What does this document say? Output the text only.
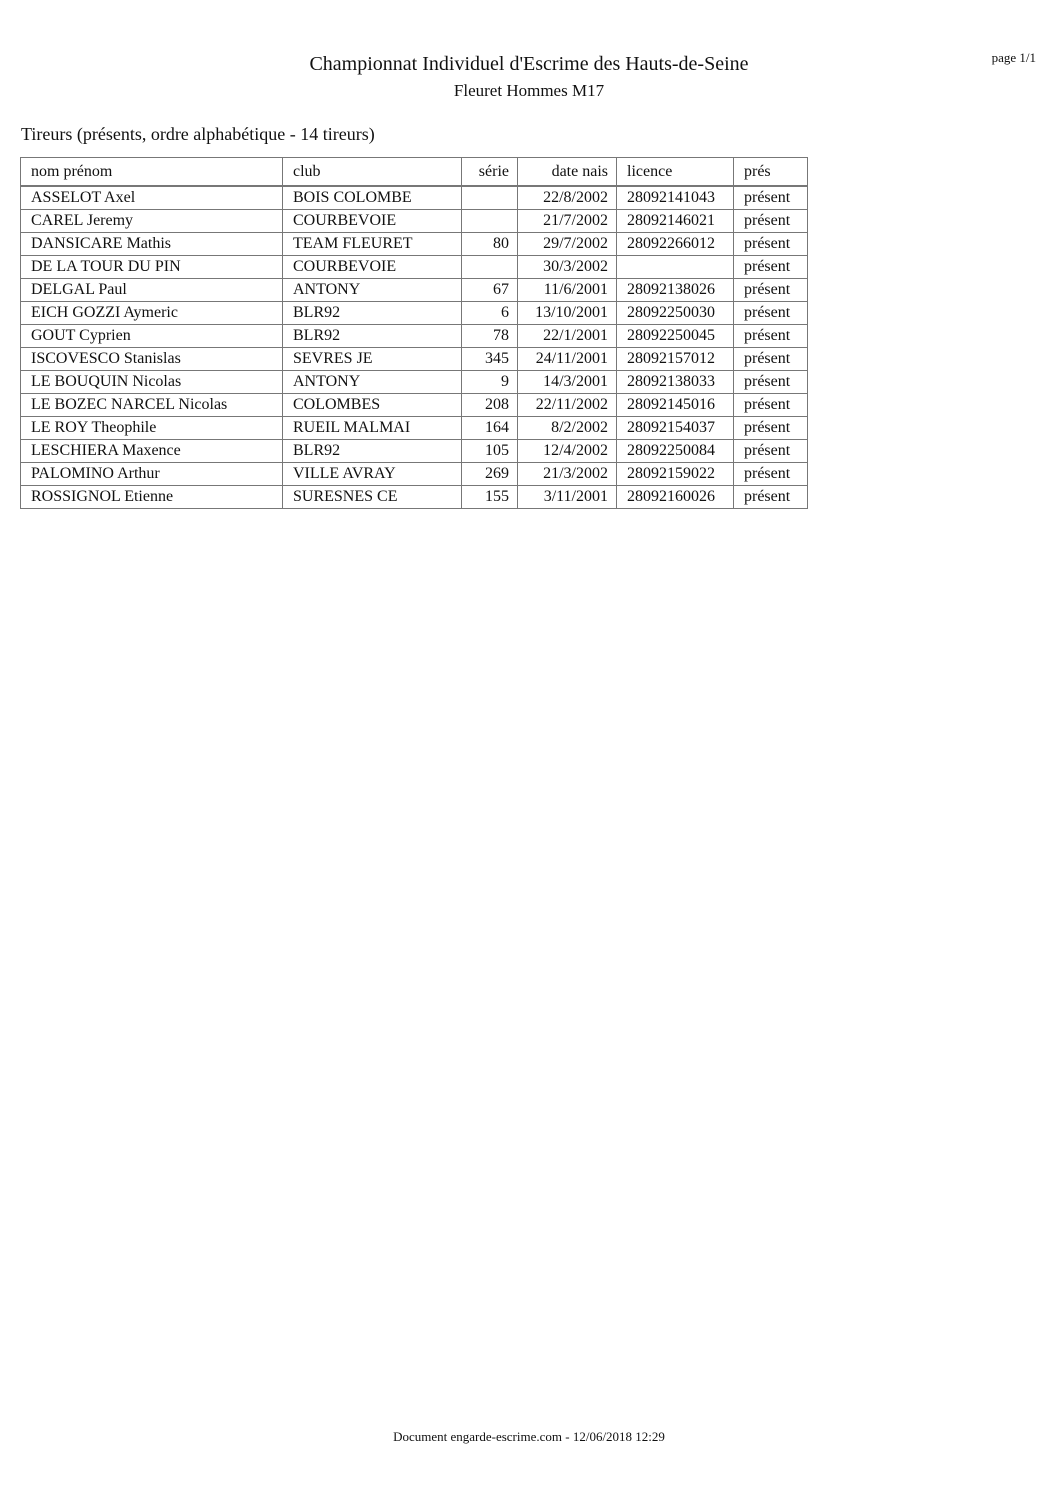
Championnat Individuel d'Escrime des Hauts-de-Seine
Fleuret Hommes M17
page 1/1
Tireurs (présents, ordre alphabétique - 14 tireurs)
nom prénom	club	série	date nais	licence	prés
ASSELOT Axel	BOIS COLOMBE		22/8/2002	28092141043	présent
CAREL Jeremy	COURBEVOIE		21/7/2002	28092146021	présent
DANSICARE Mathis	TEAM FLEURET	80	29/7/2002	28092266012	présent
DE LA TOUR DU PIN	COURBEVOIE		30/3/2002		présent
DELGAL Paul	ANTONY	67	11/6/2001	28092138026	présent
EICH GOZZI Aymeric	BLR92	6	13/10/2001	28092250030	présent
GOUT Cyprien	BLR92	78	22/1/2001	28092250045	présent
ISCOVESCO Stanislas	SEVRES JE	345	24/11/2001	28092157012	présent
LE BOUQUIN Nicolas	ANTONY	9	14/3/2001	28092138033	présent
LE BOZEC NARCEL Nicolas	COLOMBES	208	22/11/2002	28092145016	présent
LE ROY Theophile	RUEIL MALMAI	164	8/2/2002	28092154037	présent
LESCHIERA Maxence	BLR92	105	12/4/2002	28092250084	présent
PALOMINO Arthur	VILLE AVRAY	269	21/3/2002	28092159022	présent
ROSSIGNOL Etienne	SURESNES CE	155	3/11/2001	28092160026	présent
Document engarde-escrime.com - 12/06/2018 12:29
